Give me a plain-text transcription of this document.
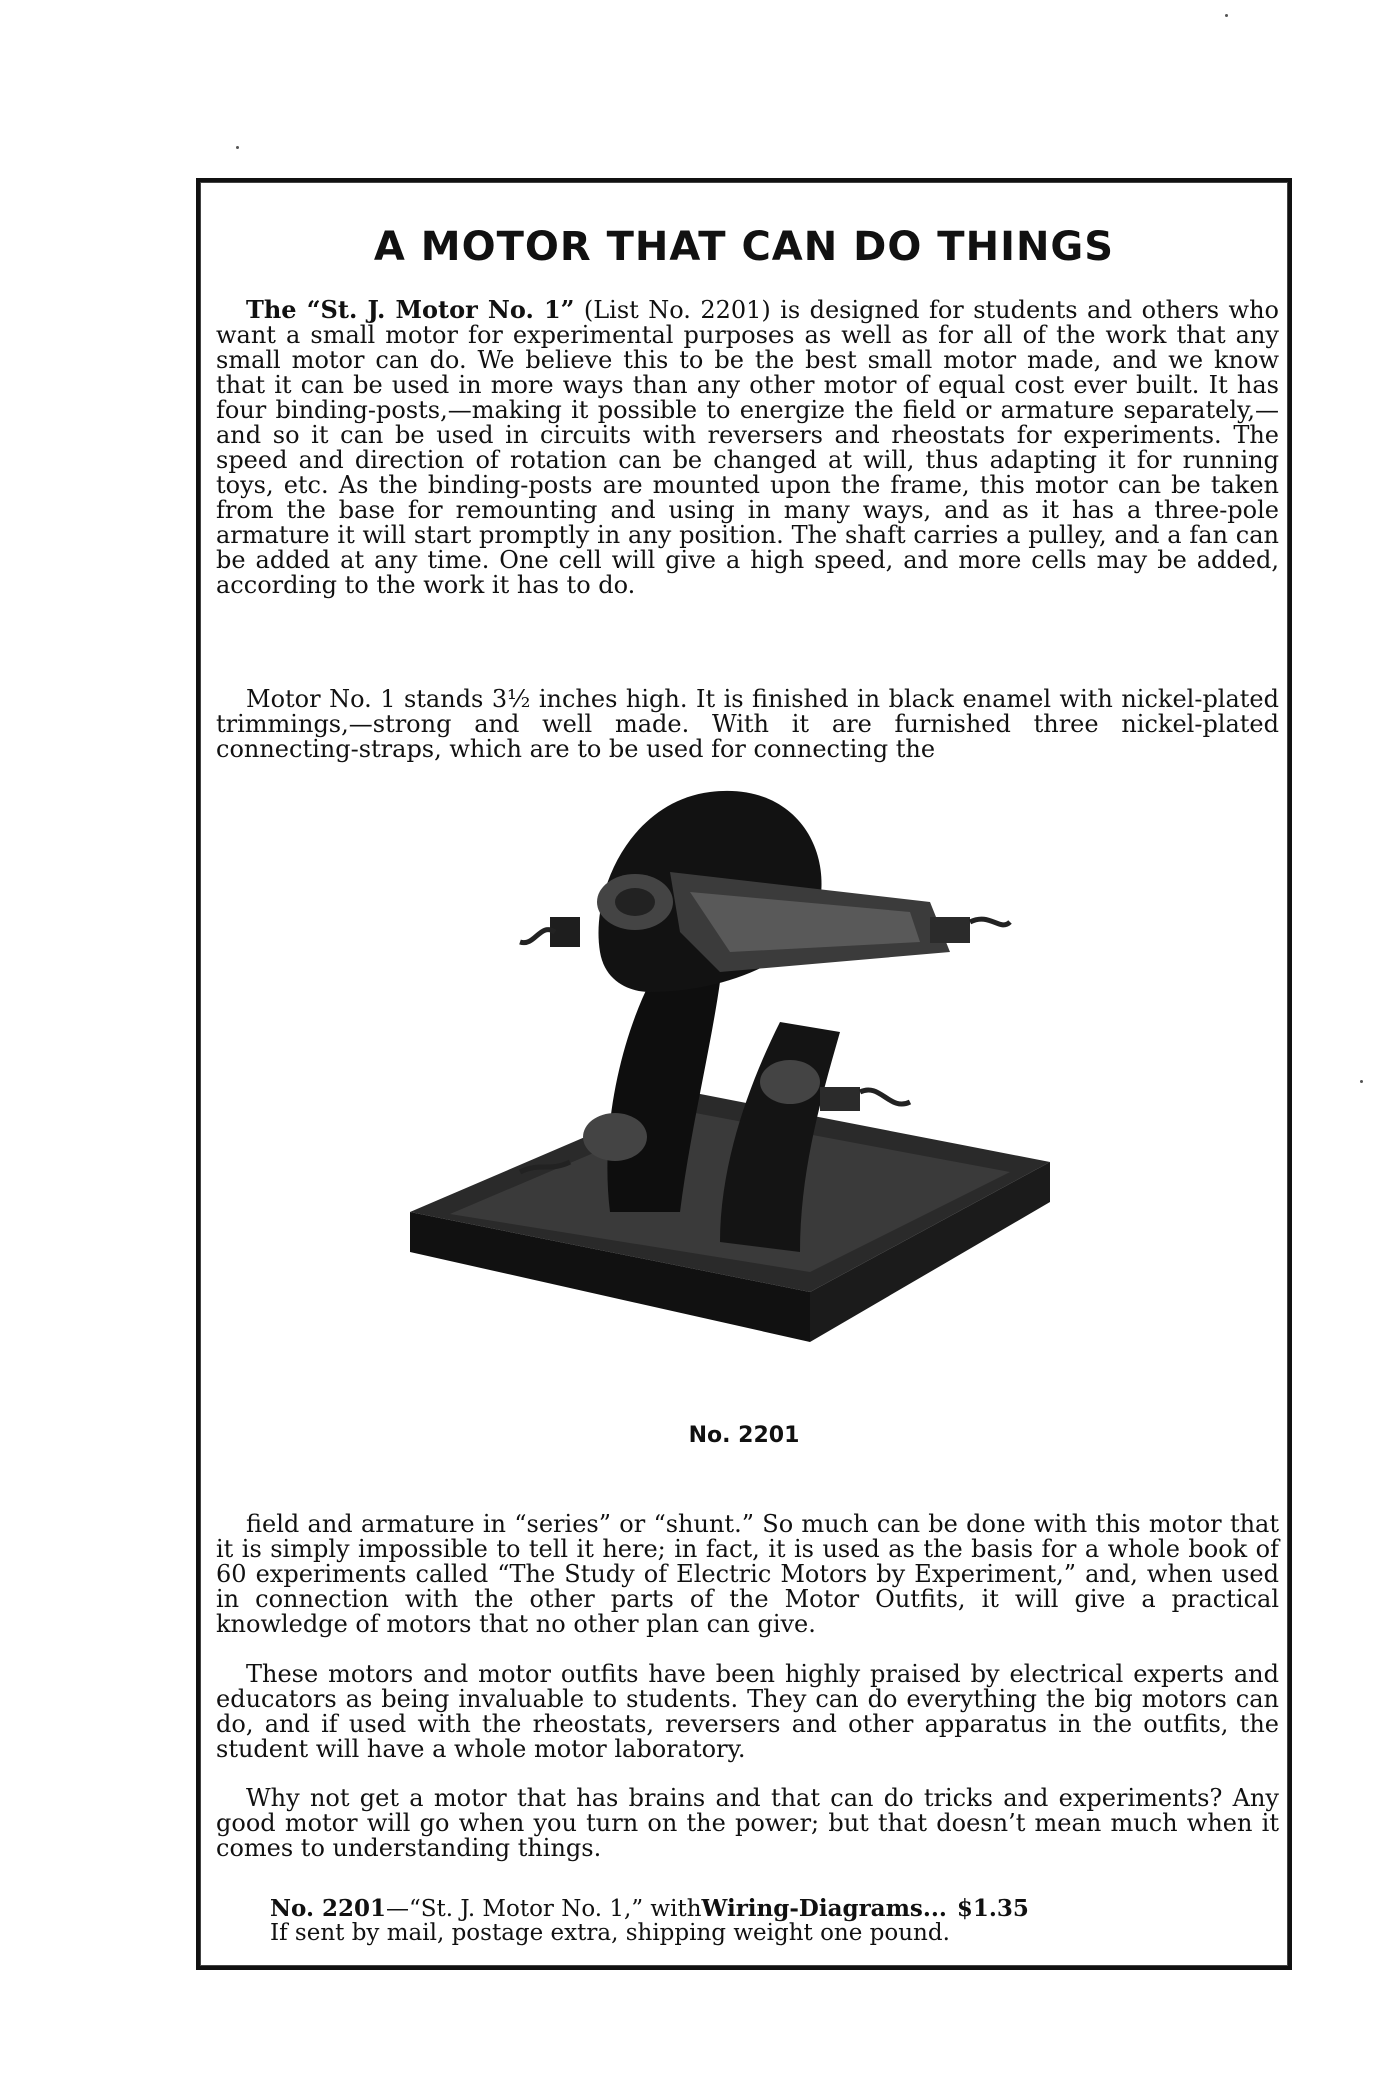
A MOTOR THAT CAN DO THINGS

The “St. J. Motor No. 1” (List No. 2201) is designed for students and others who want a small motor for experimental purposes as well as for all of the work that any small motor can do. We believe this to be the best small motor made, and we know that it can be used in more ways than any other motor of equal cost ever built. It has four binding-posts,—making it possible to energize the field or armature separately,—and so it can be used in circuits with reversers and rheostats for experiments. The speed and direction of rotation can be changed at will, thus adapting it for running toys, etc. As the binding-posts are mounted upon the frame, this motor can be taken from the base for remounting and using in many ways, and as it has a three-pole armature it will start promptly in any position. The shaft carries a pulley, and a fan can be added at any time. One cell will give a high speed, and more cells may be added, according to the work it has to do.

Motor No. 1 stands 3½ inches high. It is finished in black enamel with nickel-plated trimmings,—strong and well made. With it are furnished three nickel-plated connecting-straps, which are to be used for connecting the

No. 2201

field and armature in “series” or “shunt.” So much can be done with this motor that it is simply impossible to tell it here; in fact, it is used as the basis for a whole book of 60 experiments called “The Study of Electric Motors by Experiment,” and, when used in connection with the other parts of the Motor Outfits, it will give a practical knowledge of motors that no other plan can give.

These motors and motor outfits have been highly praised by electrical experts and educators as being invaluable to students. They can do everything the big motors can do, and if used with the rheostats, reversers and other apparatus in the outfits, the student will have a whole motor laboratory.

Why not get a motor that has brains and that can do tricks and experiments? Any good motor will go when you turn on the power; but that doesn’t mean much when it comes to understanding things.

No. 2201 —“St. J. Motor No. 1,” with Wiring-Diagrams ... $1.35
If sent by mail, postage extra, shipping weight one pound.
